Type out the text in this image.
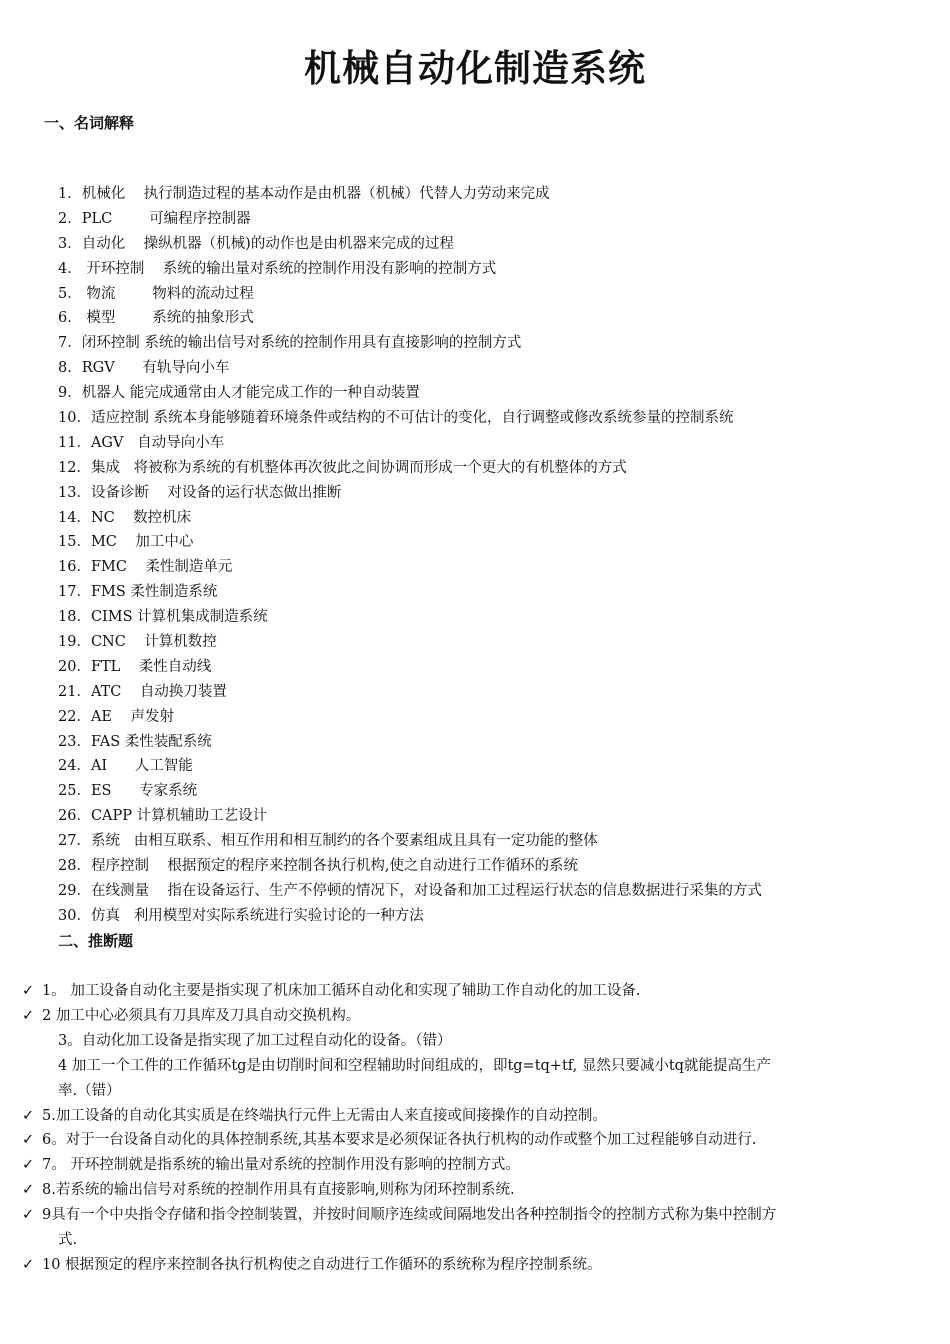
机械自动化制造系统
一、名词解释
1．机械化    执行制造过程的基本动作是由机器（机械）代替人力劳动来完成
2．PLC        可编程序控制器
3．自动化    操纵机器（机械)的动作也是由机器来完成的过程
4． 开环控制    系统的输出量对系统的控制作用没有影响的控制方式
5． 物流        物料的流动过程
6． 模型        系统的抽象形式
7．闭环控制 系统的输出信号对系统的控制作用具有直接影响的控制方式
8．RGV      有轨导向小车
9．机器人 能完成通常由人才能完成工作的一种自动装置
10．适应控制 系统本身能够随着环境条件或结构的不可估计的变化，自行调整或修改系统参量的控制系统
11．AGV   自动导向小车
12．集成   将被称为系统的有机整体再次彼此之间协调而形成一个更大的有机整体的方式
13．设备诊断    对设备的运行状态做出推断
14．NC    数控机床
15．MC    加工中心
16．FMC    柔性制造单元
17．FMS 柔性制造系统
18．CIMS 计算机集成制造系统
19．CNC    计算机数控
20．FTL    柔性自动线
21．ATC    自动换刀装置
22．AE    声发射
23．FAS 柔性装配系统
24．AI      人工智能
25．ES      专家系统
26．CAPP 计算机辅助工艺设计
27．系统   由相互联系、相互作用和相互制约的各个要素组成且具有一定功能的整体
28．程序控制    根据预定的程序来控制各执行机构,使之自动进行工作循环的系统
29．在线测量    指在设备运行、生产不停顿的情况下，对设备和加工过程运行状态的信息数据进行采集的方式
30．仿真   利用模型对实际系统进行实验讨论的一种方法
二、推断题
✓ 1。 加工设备自动化主要是指实现了机床加工循环自动化和实现了辅助工作自动化的加工设备.
✓ 2 加工中心必须具有刀具库及刀具自动交换机构。
3。自动化加工设备是指实现了加工过程自动化的设备。（错）
4 加工一个工件的工作循环tg是由切削时间和空程辅助时间组成的，即tg=tq+tf, 显然只要减小tq就能提高生产
率.（错）
✓ 5.加工设备的自动化其实质是在终端执行元件上无需由人来直接或间接操作的自动控制。
✓ 6。对于一台设备自动化的具体控制系统,其基本要求是必须保证各执行机构的动作或整个加工过程能够自动进行.
✓ 7。 开环控制就是指系统的输出量对系统的控制作用没有影响的控制方式。
✓ 8.若系统的输出信号对系统的控制作用具有直接影响,则称为闭环控制系统.
✓ 9具有一个中央指令存储和指令控制装置，并按时间顺序连续或间隔地发出各种控制指令的控制方式称为集中控制方
式.
✓ 10 根据预定的程序来控制各执行机构使之自动进行工作循环的系统称为程序控制系统。
